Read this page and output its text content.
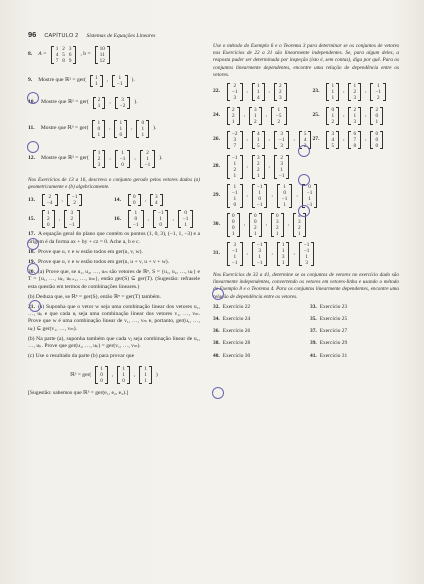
96 CAPÍTULO 2 Sistemas de Equações Lineares
8. A =
1	2	3
4	5	6
7	8	9
, b =
10
11
12
9. Mostre que ℝ² = ger( 1
1
, 1
−1
).
10. Mostre que ℝ² = ger( 2
1
, 3
−2
).
11. Mostre que ℝ³ = ger(
1
0
1
,
1
1
0
,
0
1
1
).
12. Mostre que ℝ³ = ger(
1
2
3
,
1
−1
0
,
2
1
−1
).
Nos Exercícios de 13 a 16, descreva o conjunto gerado pelos vetores dados (a) geometricamente e (b) algebricamente.
13.	2
−4
, −1
2
14. 0
0
, 3
4
15.
1
2
0
,
3
2
−1
16.
1
0
−1
,
−1
1
0
,
0
−1
1
17. A equação geral do plano que contém os pontos (1, 0, 3), (−1, 1, −3) e a origem é da forma ax + by + cz = 0. Ache a, b e c.
18. Prove que u, v e w estão todos em ger(u, v, w).
19. Prove que u, v e w estão todos em ger(u, u + v, u + v + w).
20. (a) Prove que, se u₁, u₂, …, uₘ são vetores de ℝⁿ, S = {u₁, u₂, …, uₖ} e T = {u₁, …, uₖ, uₖ₊₁, …, uₘ}, então ger(S) ⊆ ger(T). (Sugestão: refrasele esta questão em termos de combinações lineares.)
(b) Deduza que, se ℝⁿ = ger(S), então ℝⁿ = ger(T) também.
21. (a) Suponha que o vetor w seja uma combinação linear dos vetores u₁, …, uₖ e que cada uᵢ seja uma combinação linear dos vetores v₁, …, vₘ. Prove que w é uma combinação linear de v₁, …, vₘ e, portanto, ger(u₁, …, uₖ) ⊆ ger(v₁, …, vₘ).
(b) Na parte (a), suponha também que cada vⱼ seja combinação linear de u₁, …, uₖ. Prove que ger(u₁, …, uₖ) = ger(v₁, …, vₘ).
(c) Use o resultado da parte (b) para provar que
ℝ³ = ger(
1
0
0
,
1
1
0
,
1
1
1
)
[Sugestão: sabemos que ℝ³ = ger(e₁, e₂, e₃).]
Use o método do Exemplo 6 e o Teorema 3 para determinar se os conjuntos de vetores nos Exercícios de 22 a 31 são linearmente independentes. Se, para algum deles, a resposta puder ser determinada por inspeção (isto é, sem contas), diga por quê. Para os conjuntos linearmente dependentes, encontre uma relação de dependência entre os vetores.
22.
2
−1
3
,
1
1
4
,
2
2
3
23.
1
1
1
,
1
2
3
,
1
−1
2
24.
2
2
1
,
3
1
2
,
1
−5
2
25.
0
1
2
,
2
1
3
,
2
0
1
26.
−2
3
7
,
4
1
5
,
3
−1
3
,
5
4
2
27.
3
4
5
,
6
7
8
,
0
0
0
28.
−1
1
2
1
,
3
2
2
1
,
2
3
1
−1
29.
1
−1
1
0
,
−1
1
0
−1
,
1
0
−1
1
,
0
−1
1
−1
30.
0
0
0
1
,
0
0
2
1
,
0
3
2
1
,
4
3
2
1
31.
3
−1
1
−1
,
−1
3
1
−1
,
1
1
3
1
,
−1
−1
1
3
Nos Exercícios de 32 a 41, determine se os conjuntos de vetores no exercício dado são linearmente independentes, convertendo os vetores em vetores-linha e usando o método do Exemplo 8 e o Teorema 4. Para os conjuntos linearmente dependentes, encontre uma relação de dependência entre os vetores.
32. Exercício 22	33. Exercício 23
34. Exercício 24	35. Exercício 25
36. Exercício 26	37. Exercício 27
38. Exercício 28	39. Exercício 29
40. Exercício 30	41. Exercício 31
